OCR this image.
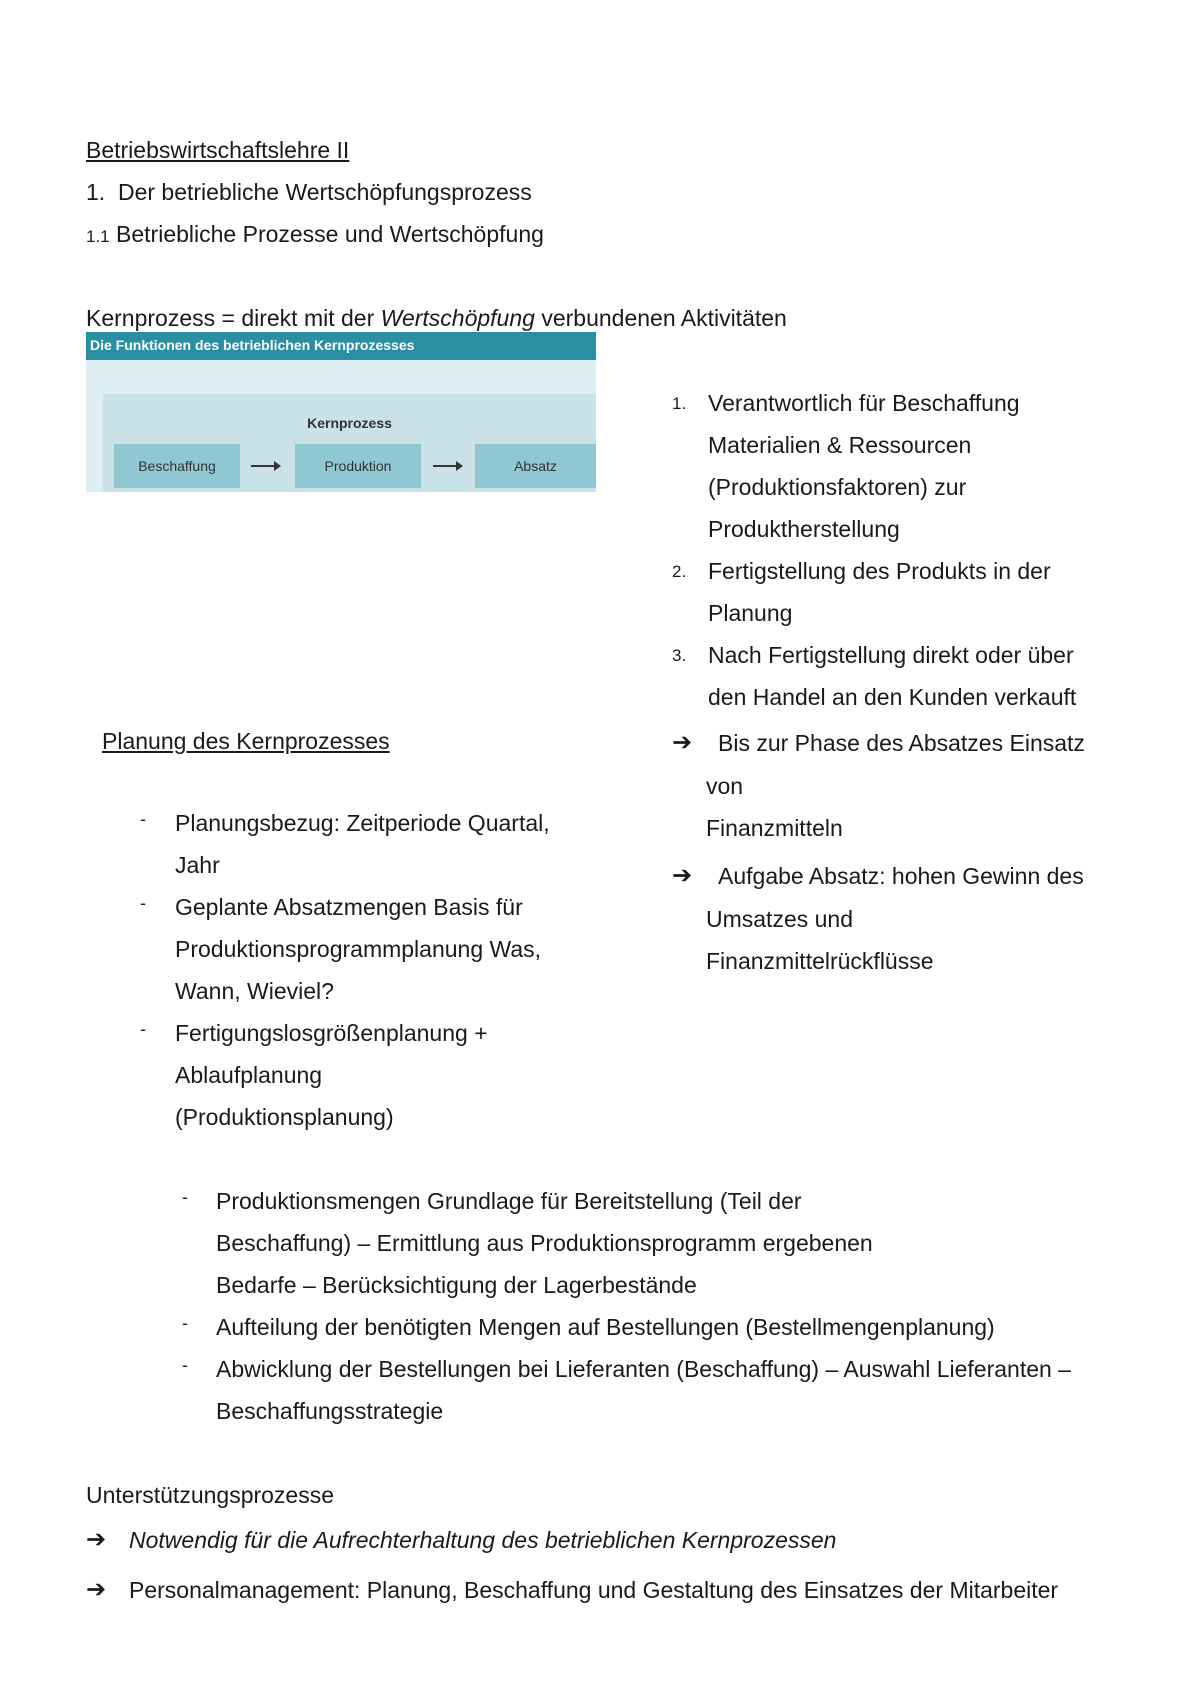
Betriebswirtschaftslehre II
1. Der betriebliche Wertschöpfungsprozess
1.1 Betriebliche Prozesse und Wertschöpfung
Kernprozess = direkt mit der Wertschöpfung verbundenen Aktivitäten
Die Funktionen des betrieblichen Kernprozesses
Kernprozess
Beschaffung	Produktion	Absatz
1. Verantwortlich für Beschaffung
Materialien & Ressourcen
(Produktionsfaktoren) zur
Produktherstellung
2. Fertigstellung des Produkts in der
Planung
3. Nach Fertigstellung direkt oder über
den Handel an den Kunden verkauft
➔ Bis zur Phase des Absatzes Einsatz
von
Finanzmitteln
➔ Aufgabe Absatz: hohen Gewinn des
Umsatzes und
Finanzmittelrückflüsse
Planung des Kernprozesses
- Planungsbezug: Zeitperiode Quartal,
Jahr
- Geplante Absatzmengen Basis für
Produktionsprogrammplanung Was,
Wann, Wieviel?
- Fertigungslosgrößenplanung +
Ablaufplanung
(Produktionsplanung)
- Produktionsmengen Grundlage für Bereitstellung (Teil der
Beschaffung) – Ermittlung aus Produktionsprogramm ergebenen
Bedarfe – Berücksichtigung der Lagerbestände
- Aufteilung der benötigten Mengen auf Bestellungen (Bestellmengenplanung)
- Abwicklung der Bestellungen bei Lieferanten (Beschaffung) – Auswahl Lieferanten –
Beschaffungsstrategie
Unterstützungsprozesse
➔ Notwendig für die Aufrechterhaltung des betrieblichen Kernprozessen
➔ Personalmanagement: Planung, Beschaffung und Gestaltung des Einsatzes der Mitarbeiter
